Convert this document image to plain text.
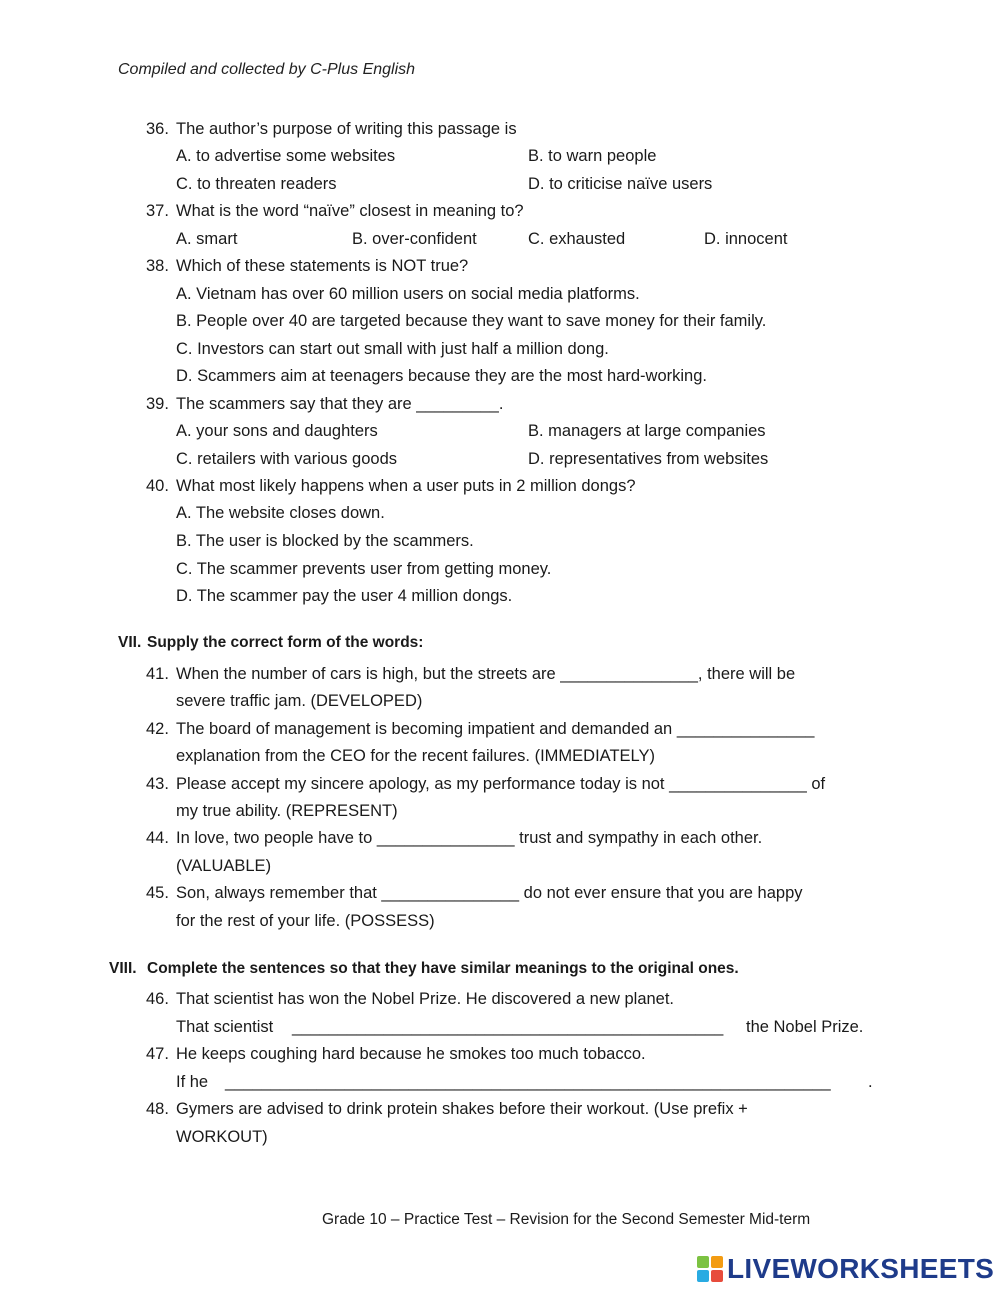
Compiled and collected by C-Plus English
36. The author’s purpose of writing this passage is
A. to advertise some websites	B. to warn people
C. to threaten readers	D. to criticise naïve users
37. What is the word “naïve” closest in meaning to?
A. smart	B. over-confident	C. exhausted	D. innocent
38. Which of these statements is NOT true?
A. Vietnam has over 60 million users on social media platforms.
B. People over 40 are targeted because they want to save money for their family.
C. Investors can start out small with just half a million dong.
D. Scammers aim at teenagers because they are the most hard-working.
39. The scammers say that they are _________.
A. your sons and daughters	B. managers at large companies
C. retailers with various goods	D. representatives from websites
40. What most likely happens when a user puts in 2 million dongs?
A. The website closes down.
B. The user is blocked by the scammers.
C. The scammer prevents user from getting money.
D. The scammer pay the user 4 million dongs.
VII. Supply the correct form of the words:
41. When the number of cars is high, but the streets are _______________, there will be
severe traffic jam. (DEVELOPED)
42. The board of management is becoming impatient and demanded an _______________
explanation from the CEO for the recent failures. (IMMEDIATELY)
43. Please accept my sincere apology, as my performance today is not _______________ of
my true ability. (REPRESENT)
44. In love, two people have to _______________ trust and sympathy in each other.
(VALUABLE)
45. Son, always remember that _______________ do not ever ensure that you are happy
for the rest of your life. (POSSESS)
VIII. Complete the sentences so that they have similar meanings to the original ones.
46. That scientist has won the Nobel Prize. He discovered a new planet.
That scientist _______________________________________________ the Nobel Prize.
47. He keeps coughing hard because he smokes too much tobacco.
If he __________________________________________________________________ .
48. Gymers are advised to drink protein shakes before their workout. (Use prefix +
WORKOUT)
Grade 10 – Practice Test – Revision for the Second Semester Mid-term
LIVEWORKSHEETS
